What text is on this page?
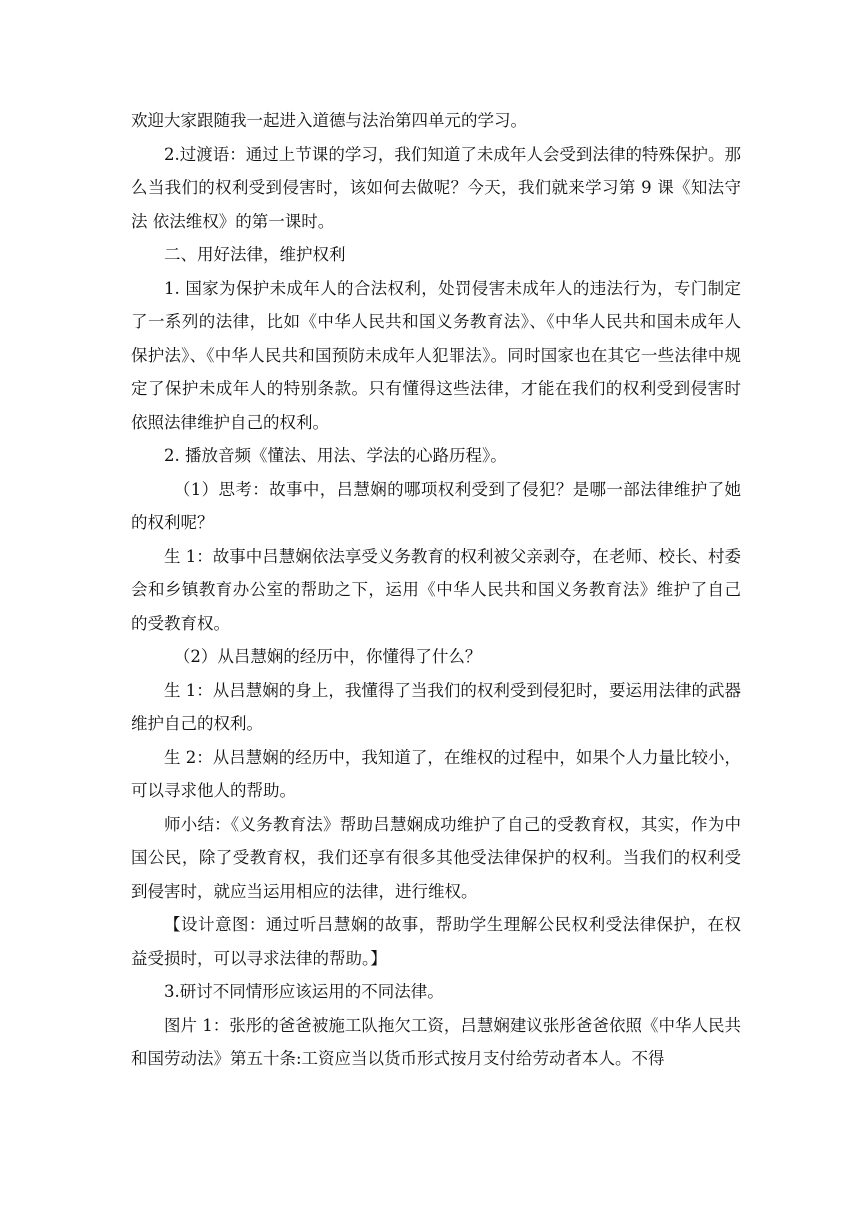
欢迎大家跟随我一起进入道德与法治第四单元的学习。

2.过渡语：通过上节课的学习，我们知道了未成年人会受到法律的特殊保护。那么当我们的权利受到侵害时，该如何去做呢？今天，我们就来学习第 9 课《知法守法 依法维权》的第一课时。

二、用好法律，维护权利

1. 国家为保护未成年人的合法权利，处罚侵害未成年人的违法行为，专门制定了一系列的法律，比如《中华人民共和国义务教育法》、《中华人民共和国未成年人保护法》、《中华人民共和国预防未成年人犯罪法》。同时国家也在其它一些法律中规定了保护未成年人的特别条款。只有懂得这些法律，才能在我们的权利受到侵害时依照法律维护自己的权利。

2. 播放音频《懂法、用法、学法的心路历程》。

（1）思考：故事中，吕慧娴的哪项权利受到了侵犯？是哪一部法律维护了她的权利呢？

生 1：故事中吕慧娴依法享受义务教育的权利被父亲剥夺，在老师、校长、村委会和乡镇教育办公室的帮助之下，运用《中华人民共和国义务教育法》维护了自己的受教育权。

（2）从吕慧娴的经历中，你懂得了什么？

生 1：从吕慧娴的身上，我懂得了当我们的权利受到侵犯时，要运用法律的武器维护自己的权利。

生 2：从吕慧娴的经历中，我知道了，在维权的过程中，如果个人力量比较小，可以寻求他人的帮助。

师小结：《义务教育法》帮助吕慧娴成功维护了自己的受教育权，其实，作为中国公民，除了受教育权，我们还享有很多其他受法律保护的权利。当我们的权利受到侵害时，就应当运用相应的法律，进行维权。

【设计意图：通过听吕慧娴的故事，帮助学生理解公民权利受法律保护，在权益受损时，可以寻求法律的帮助。】

3.研讨不同情形应该运用的不同法律。

图片 1：张彤的爸爸被施工队拖欠工资，吕慧娴建议张彤爸爸依照《中华人民共和国劳动法》第五十条:工资应当以货币形式按月支付给劳动者本人。不得
